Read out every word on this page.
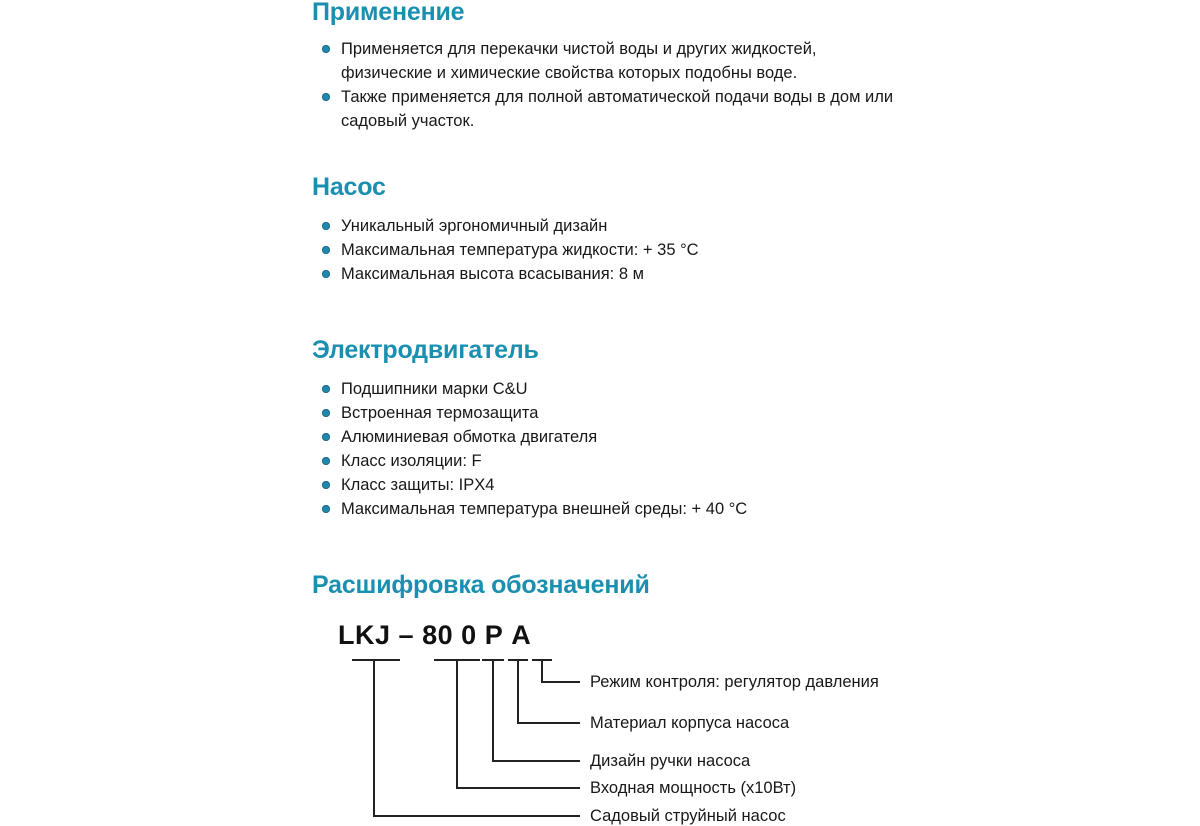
Применение
Применяется для перекачки чистой воды и других жидкостей, физические и химические свойства которых подобны воде.
Также применяется для полной автоматической подачи воды в дом или садовый участок.
Насос
Уникальный эргономичный дизайн
Максимальная температура жидкости: + 35 °C
Максимальная высота всасывания: 8 м
Электродвигатель
Подшипники марки C&U
Встроенная термозащита
Алюминиевая обмотка двигателя
Класс изоляции: F
Класс защиты: IPX4
Максимальная температура внешней среды: + 40 °C
Расшифровка обозначений
LKJ – 80 0 P A
Режим контроля: регулятор давления
Материал корпуса насоса
Дизайн ручки насоса
Входная мощность (х10Вт)
Садовый струйный насос
